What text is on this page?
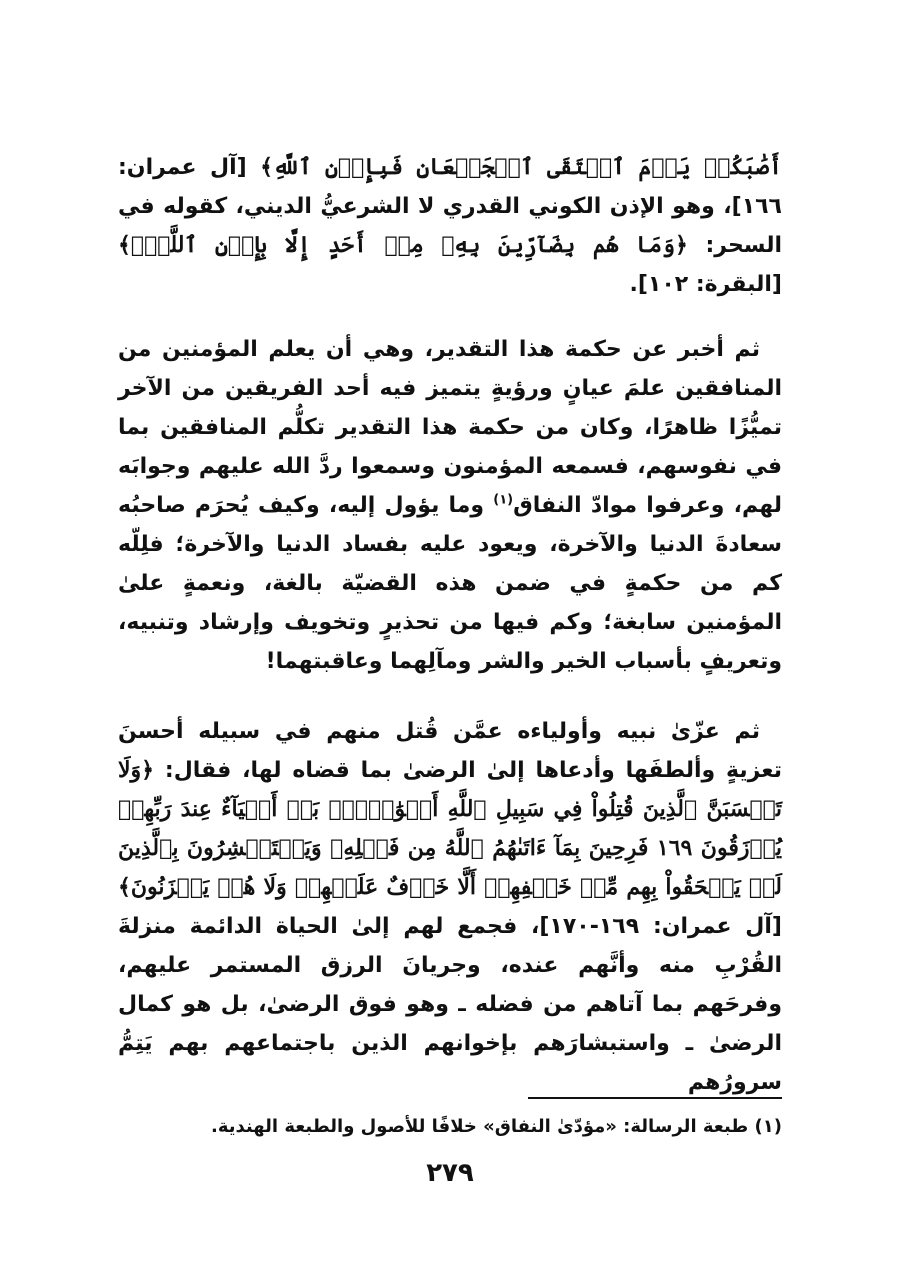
أَصَٰبَكُمۡ يَوۡمَ ٱلۡتَقَى ٱلۡجَمۡعَانِ فَبِإِذۡنِ ٱللَّهِ﴾ [آل عمران: ١٦٦]، وهو الإذن الكوني القدري لا الشرعيُّ الديني، كقوله في السحر: ﴿وَمَا هُم بِضَآرِّينَ بِهِۦ مِنۡ أَحَدٍ إِلَّا بِإِذۡنِ ٱللَّهِۚ﴾ [البقرة: ١٠٢].

ثم أخبر عن حكمة هذا التقدير، وهي أن يعلم المؤمنين من المنافقين علمَ عيانٍ ورؤيةٍ يتميز فيه أحد الفريقين من الآخر تميُّزًا ظاهرًا، وكان من حكمة هذا التقدير تكلُّم المنافقين بما في نفوسهم، فسمعه المؤمنون وسمعوا ردَّ الله عليهم وجوابَه لهم، وعرفوا موادّ النفاق$^{(١)}$ وما يؤول إليه، وكيف يُحرَم صاحبُه سعادةَ الدنيا والآخرة، ويعود عليه بفساد الدنيا والآخرة؛ فلِلّه كم من حكمةٍ في ضمن هذه القضيّة بالغة، ونعمةٍ علىٰ المؤمنين سابغة؛ وكم فيها من تحذيرٍ وتخويف وإرشاد وتنبيه، وتعريفٍ بأسباب الخير والشر ومآلِهما وعاقبتهما!

ثم عزّىٰ نبيه وأولياءه عمَّن قُتل منهم في سبيله أحسنَ تعزيةٍ وألطفَها وأدعاها إلىٰ الرضىٰ بما قضاه لها، فقال: ﴿وَلَا تَحۡسَبَنَّ ٱلَّذِينَ قُتِلُواْ فِي سَبِيلِ ٱللَّهِ أَمۡوَٰتَۢاۚ بَلۡ أَحۡيَآءٌ عِندَ رَبِّهِمۡ يُرۡزَقُونَ ١٦٩ فَرِحِينَ بِمَآ ءَاتَىٰهُمُ ٱللَّهُ مِن فَضۡلِهِۦ وَيَسۡتَبۡشِرُونَ بِٱلَّذِينَ لَمۡ يَلۡحَقُواْ بِهِم مِّنۡ خَلۡفِهِمۡ أَلَّا خَوۡفٌ عَلَيۡهِمۡ وَلَا هُمۡ يَحۡزَنُونَ﴾ [آل عمران: ١٦٩-١٧٠]، فجمع لهم إلىٰ الحياة الدائمة منزلةَ القُرْبِ منه وأنَّهم عنده، وجريانَ الرزق المستمر عليهم، وفرحَهم بما آتاهم من فضله ـ وهو فوق الرضىٰ، بل هو كمال الرضىٰ ـ واستبشارَهم بإخوانهم الذين باجتماعهم بهم يَتِمُّ سرورُهم

(١) طبعة الرسالة: «مؤدّىٰ النفاق» خلافًا للأصول والطبعة الهندية.
٢٧٩
